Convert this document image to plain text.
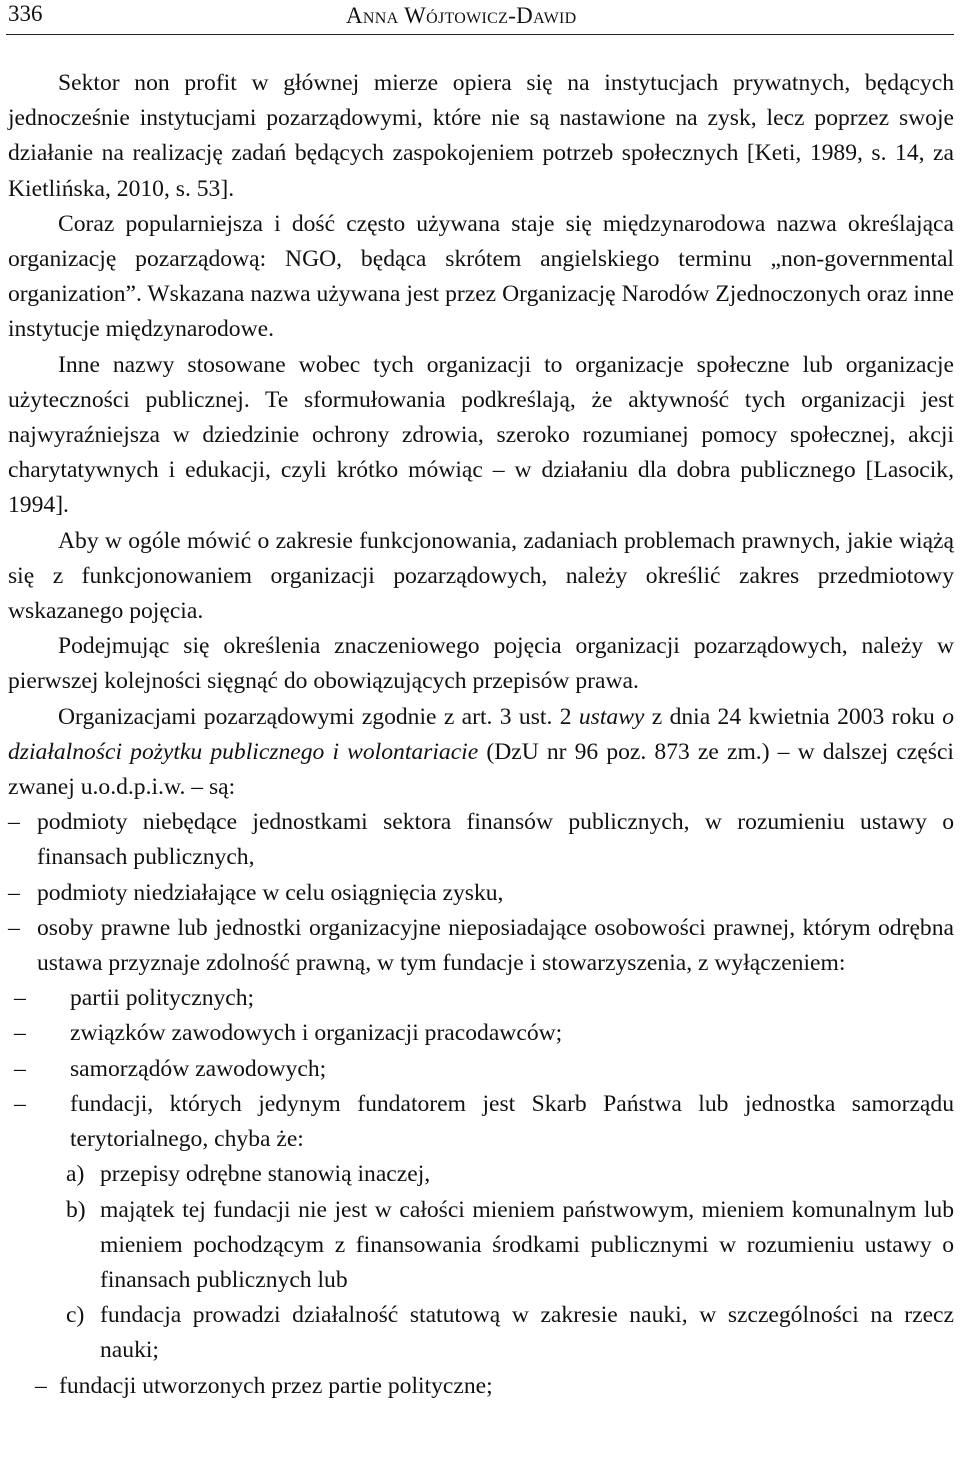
336	Anna Wójtowicz-Dawid

Sektor non profit w głównej mierze opiera się na instytucjach prywatnych, będących jednocześnie instytucjami pozarządowymi, które nie są nastawione na zysk, lecz poprzez swoje działanie na realizację zadań będących zaspokojeniem potrzeb społecznych [Keti, 1989, s. 14, za Kietlińska, 2010, s. 53].

Coraz popularniejsza i dość często używana staje się międzynarodowa nazwa określająca organizację pozarządową: NGO, będąca skrótem angielskiego terminu „non-governmental organization”. Wskazana nazwa używana jest przez Organizację Narodów Zjednoczonych oraz inne instytucje międzynarodowe.

Inne nazwy stosowane wobec tych organizacji to organizacje społeczne lub organizacje użyteczności publicznej. Te sformułowania podkreślają, że aktywność tych organizacji jest najwyraźniejsza w dziedzinie ochrony zdrowia, szeroko rozumianej pomocy społecznej, akcji charytatywnych i edukacji, czyli krótko mówiąc – w działaniu dla dobra publicznego [Lasocik, 1994].

Aby w ogóle mówić o zakresie funkcjonowania, zadaniach problemach prawnych, jakie wiążą się z funkcjonowaniem organizacji pozarządowych, należy określić zakres przedmiotowy wskazanego pojęcia.

Podejmując się określenia znaczeniowego pojęcia organizacji pozarządowych, należy w pierwszej kolejności sięgnąć do obowiązujących przepisów prawa.

Organizacjami pozarządowymi zgodnie z art. 3 ust. 2 ustawy z dnia 24 kwietnia 2003 roku o działalności pożytku publicznego i wolontariacie (DzU nr 96 poz. 873 ze zm.) – w dalszej części zwanej u.o.d.p.i.w. – są:

– podmioty niebędące jednostkami sektora finansów publicznych, w rozumieniu ustawy o finansach publicznych,
– podmioty niedziałające w celu osiągnięcia zysku,
– osoby prawne lub jednostki organizacyjne nieposiadające osobowości prawnej, którym odrębna ustawa przyznaje zdolność prawną, w tym fundacje i stowarzyszenia, z wyłączeniem:
– partii politycznych;
– związków zawodowych i organizacji pracodawców;
– samorządów zawodowych;
– fundacji, których jedynym fundatorem jest Skarb Państwa lub jednostka samorządu terytorialnego, chyba że:
a) przepisy odrębne stanowią inaczej,
b) majątek tej fundacji nie jest w całości mieniem państwowym, mieniem komunalnym lub mieniem pochodzącym z finansowania środkami publicznymi w rozumieniu ustawy o finansach publicznych lub
c) fundacja prowadzi działalność statutową w zakresie nauki, w szczególności na rzecz nauki;
– fundacji utworzonych przez partie polityczne;
